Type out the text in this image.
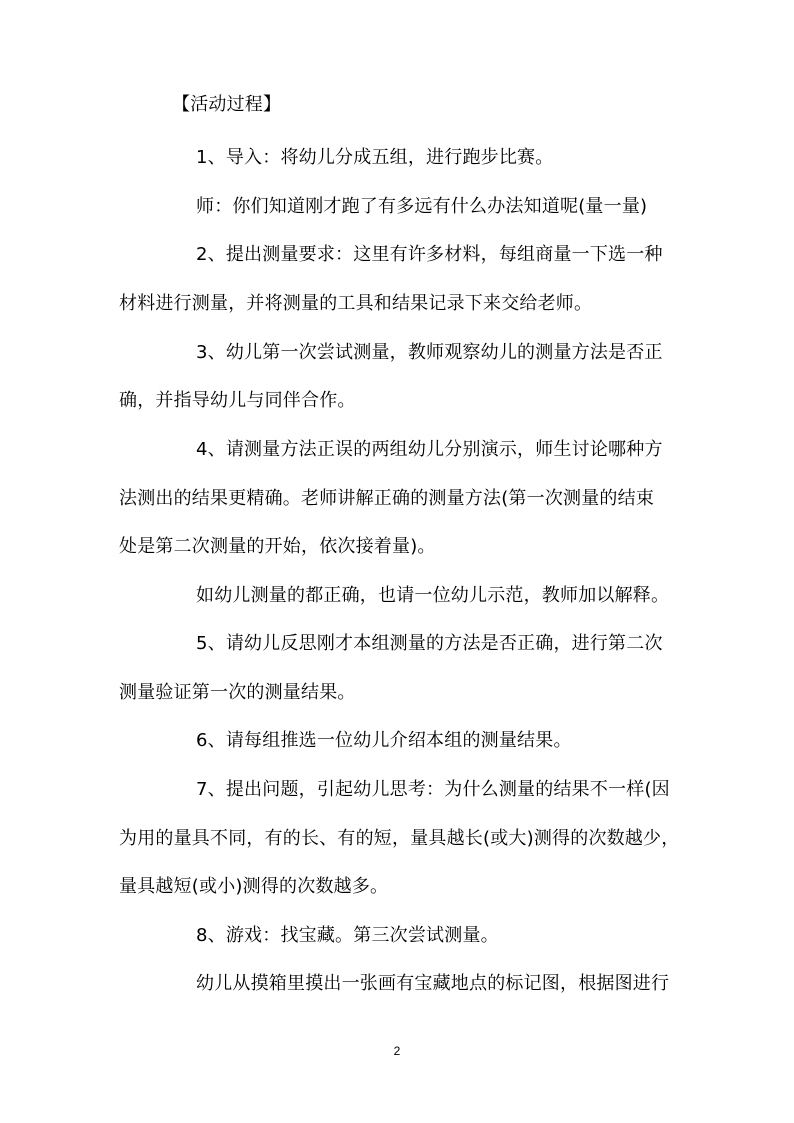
【活动过程】
1、导入：将幼儿分成五组，进行跑步比赛。
师：你们知道刚才跑了有多远有什么办法知道呢(量一量)
2、提出测量要求：这里有许多材料，每组商量一下选一种
材料进行测量，并将测量的工具和结果记录下来交给老师。
3、幼儿第一次尝试测量，教师观察幼儿的测量方法是否正
确，并指导幼儿与同伴合作。
4、请测量方法正误的两组幼儿分别演示，师生讨论哪种方
法测出的结果更精确。老师讲解正确的测量方法(第一次测量的结束
处是第二次测量的开始，依次接着量)。
如幼儿测量的都正确，也请一位幼儿示范，教师加以解释。
5、请幼儿反思刚才本组测量的方法是否正确，进行第二次
测量验证第一次的测量结果。
6、请每组推选一位幼儿介绍本组的测量结果。
7、提出问题，引起幼儿思考：为什么测量的结果不一样(因
为用的量具不同，有的长、有的短，量具越长(或大)测得的次数越少，
量具越短(或小)测得的次数越多。
8、游戏：找宝藏。第三次尝试测量。
幼儿从摸箱里摸出一张画有宝藏地点的标记图，根据图进行
2
